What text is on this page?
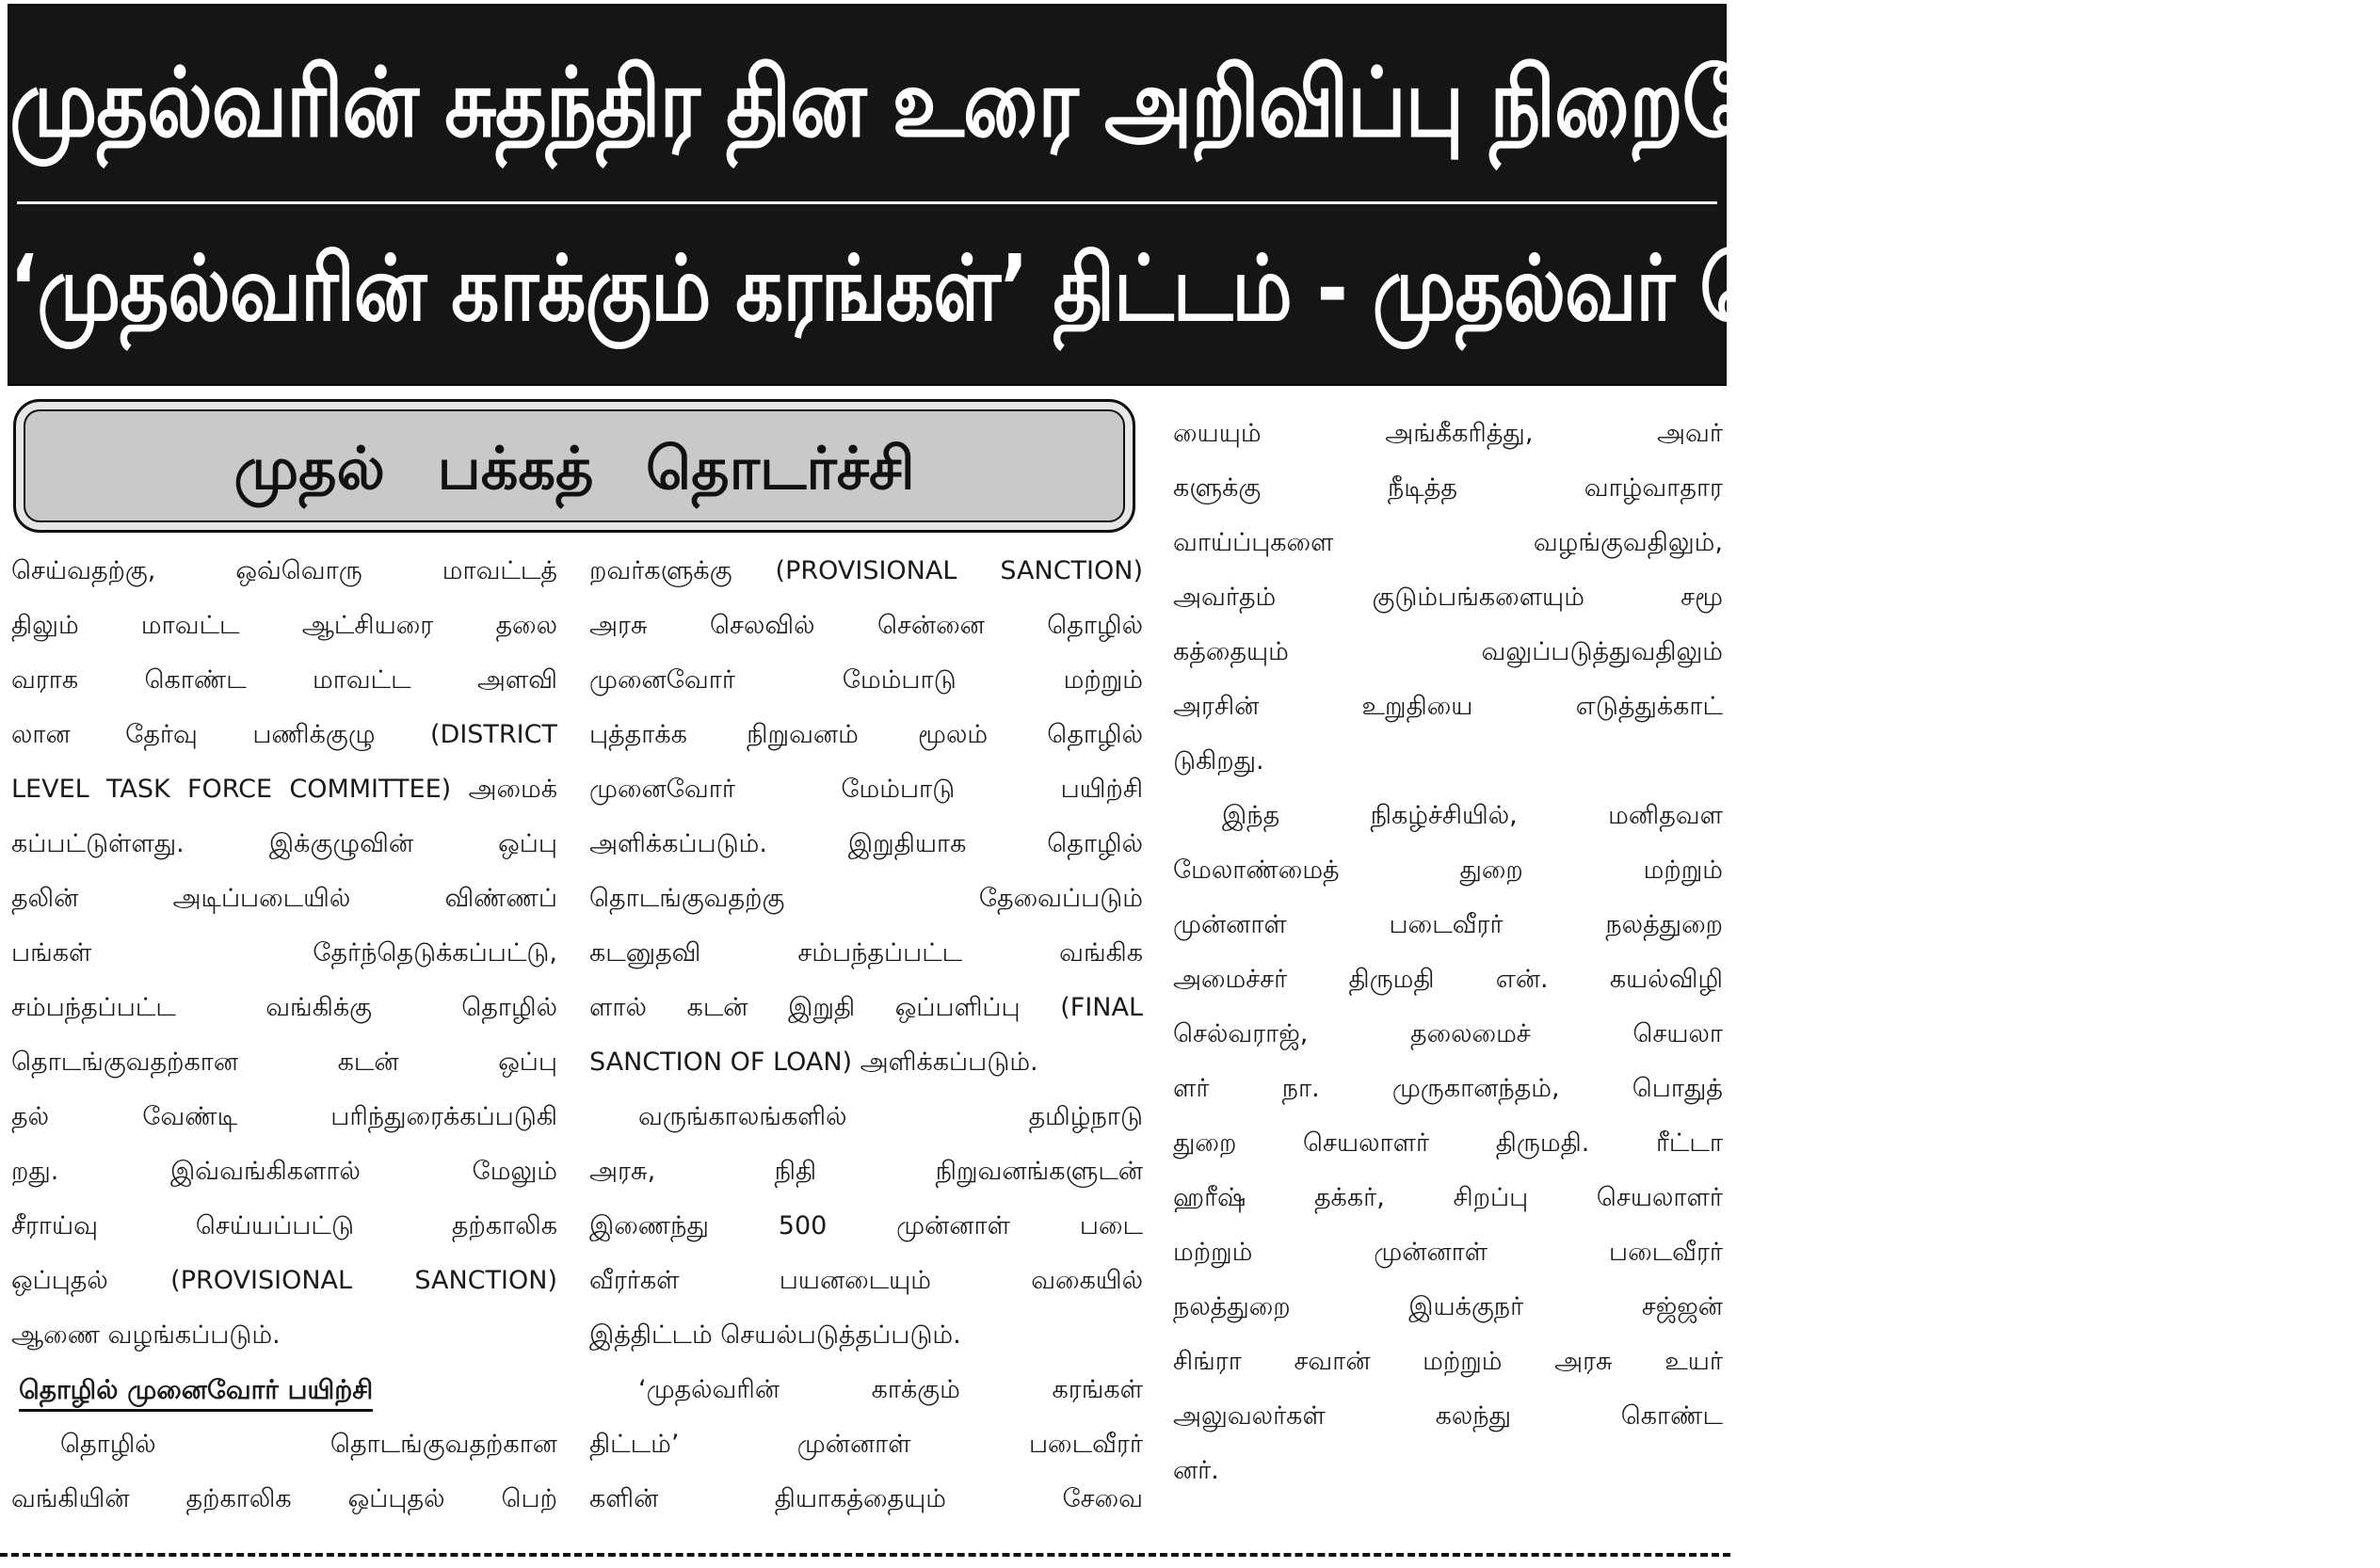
முதல்வரின் சுதந்திர தின உரை அறிவிப்பு நிறைவேறுகிறது!
‘முதல்வரின் காக்கும் கரங்கள்’ திட்டம் - முதல்வர் தொடங்கிவைத்தார்!
முதல் பக்கத் தொடர்ச்சி
செய்வதற்கு, ஒவ்வொரு மாவட்டத்
திலும் மாவட்ட ஆட்சியரை தலை
வராக கொண்ட மாவட்ட அளவி
லான தேர்வு பணிக்குழு (DISTRICT
LEVEL TASK FORCE COMMITTEE) அமைக்
கப்பட்டுள்ளது. இக்குழுவின் ஒப்பு
தலின் அடிப்படையில் விண்ணப்
பங்கள் தேர்ந்தெடுக்கப்பட்டு,
சம்பந்தப்பட்ட வங்கிக்கு தொழில்
தொடங்குவதற்கான கடன் ஒப்பு
தல் வேண்டி பரிந்துரைக்கப்படுகி
றது. இவ்வங்கிகளால் மேலும்
சீராய்வு செய்யப்பட்டு தற்காலிக
ஒப்புதல் (PROVISIONAL SANCTION)
ஆணை வழங்கப்படும்.
தொழில் முனைவோர் பயிற்சி
தொழில் தொடங்குவதற்கான
வங்கியின் தற்காலிக ஒப்புதல் பெற்
றவர்களுக்கு (PROVISIONAL SANCTION)
அரசு செலவில் சென்னை தொழில்
முனைவோர் மேம்பாடு மற்றும்
புத்தாக்க நிறுவனம் மூலம் தொழில்
முனைவோர் மேம்பாடு பயிற்சி
அளிக்கப்படும். இறுதியாக தொழில்
தொடங்குவதற்கு தேவைப்படும்
கடனுதவி சம்பந்தப்பட்ட வங்கிக
ளால் கடன் இறுதி ஒப்பளிப்பு (FINAL
SANCTION OF LOAN) அளிக்கப்படும்.
வருங்காலங்களில் தமிழ்நாடு
அரசு, நிதி நிறுவனங்களுடன்
இணைந்து 500 முன்னாள் படை
வீரர்கள் பயனடையும் வகையில்
இத்திட்டம் செயல்படுத்தப்படும்.
‘முதல்வரின் காக்கும் கரங்கள்
திட்டம்’ முன்னாள் படைவீரர்
களின் தியாகத்தையும் சேவை
யையும் அங்கீகரித்து, அவர்
களுக்கு நீடித்த வாழ்வாதார
வாய்ப்புகளை வழங்குவதிலும்,
அவர்தம் குடும்பங்களையும் சமூ
கத்தையும் வலுப்படுத்துவதிலும்
அரசின் உறுதியை எடுத்துக்காட்
டுகிறது.
இந்த நிகழ்ச்சியில், மனிதவள
மேலாண்மைத் துறை மற்றும்
முன்னாள் படைவீரர் நலத்துறை
அமைச்சர் திருமதி என். கயல்விழி
செல்வராஜ், தலைமைச் செயலா
ளர் நா. முருகானந்தம், பொதுத்
துறை செயலாளர் திருமதி. ரீட்டா
ஹரீஷ் தக்கர், சிறப்பு செயலாளர்
மற்றும் முன்னாள் படைவீரர்
நலத்துறை இயக்குநர் சஜ்ஜன்
சிங்ரா சவான் மற்றும் அரசு உயர்
அலுவலர்கள் கலந்து கொண்ட
னர்.
